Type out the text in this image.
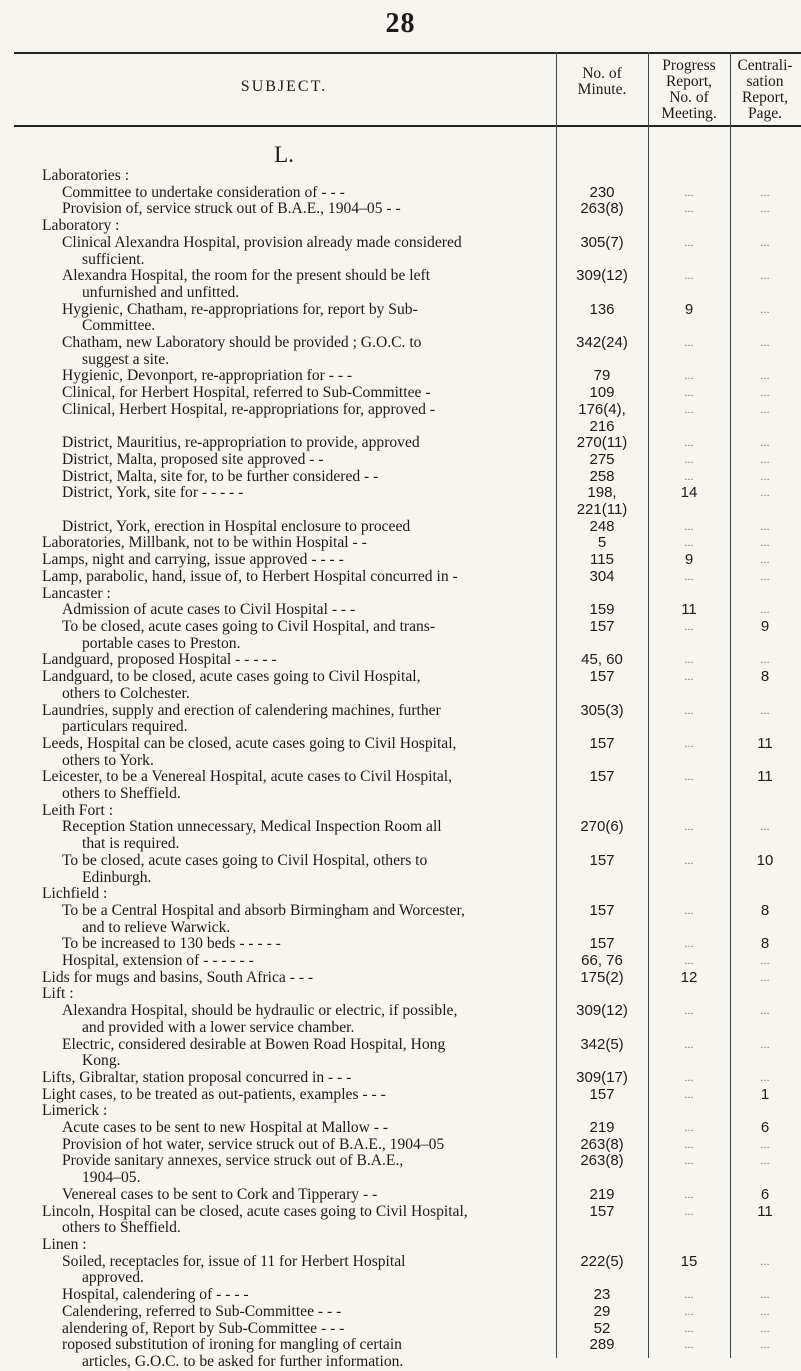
28
SUBJECT.
No. of
Minute.
Progress
Report,
No. of
Meeting.
Centrali-
sation
Report,
Page.
L.
Laboratories :
Committee to undertake consideration of - - -	230	...	...
Provision of, service struck out of B.A.E., 1904–05 - -	263(8)	...	...
Laboratory :
Clinical Alexandra Hospital, provision already made considered
sufficient.
305(7)	...	...
Alexandra Hospital, the room for the present should be left
unfurnished and unfitted.
309(12)	...	...
Hygienic, Chatham, re-appropriations for, report by Sub-
Committee.
136	9	...
Chatham, new Laboratory should be provided ; G.O.C. to
suggest a site.
342(24)	...	...
Hygienic, Devonport, re-appropriation for - - -	79	...	...
Clinical, for Herbert Hospital, referred to Sub-Committee -	109	...	...
Clinical, Herbert Hospital, re-appropriations for, approved -	176(4),	...	...

216
District, Mauritius, re-appropriation to provide, approved	270(11)	...	...
District, Malta, proposed site approved - -	275	...	...
District, Malta, site for, to be further considered - -	258	...	...
District, York, site for - - - - -	198,	14	...

221(11)
District, York, erection in Hospital enclosure to proceed	248	...	...
Laboratories, Millbank, not to be within Hospital - -	5	...	...
Lamps, night and carrying, issue approved - - - -	115	9	...
Lamp, parabolic, hand, issue of, to Herbert Hospital concurred in -	304	...	...
Lancaster :
Admission of acute cases to Civil Hospital - - -	159	11	...
To be closed, acute cases going to Civil Hospital, and trans-
portable cases to Preston.
157	...	9
Landguard, proposed Hospital - - - - -	45, 60	...	...
Landguard, to be closed, acute cases going to Civil Hospital,
others to Colchester.
157	...	8
Laundries, supply and erection of calendering machines, further
particulars required.
305(3)	...	...
Leeds, Hospital can be closed, acute cases going to Civil Hospital,
others to York.
157	...	11
Leicester, to be a Venereal Hospital, acute cases to Civil Hospital,
others to Sheffield.
157	...	11
Leith Fort :
Reception Station unnecessary, Medical Inspection Room all
that is required.
270(6)	...	...
To be closed, acute cases going to Civil Hospital, others to
Edinburgh.
157	...	10
Lichfield :
To be a Central Hospital and absorb Birmingham and Worcester,
and to relieve Warwick.
157	...	8
To be increased to 130 beds - - - - -	157	...	8
Hospital, extension of - - - - - -	66, 76	...	...
Lids for mugs and basins, South Africa - - -	175(2)	12	...
Lift :
Alexandra Hospital, should be hydraulic or electric, if possible,
and provided with a lower service chamber.
309(12)	...	...
Electric, considered desirable at Bowen Road Hospital, Hong
Kong.
342(5)	...	...
Lifts, Gibraltar, station proposal concurred in - - -	309(17)	...	...
Light cases, to be treated as out-patients, examples - - -	157	...	1
Limerick :
Acute cases to be sent to new Hospital at Mallow - -	219	...	6
Provision of hot water, service struck out of B.A.E., 1904–05	263(8)	...	...
Provide sanitary annexes, service struck out of B.A.E.,
1904–05.
263(8)	...	...
Venereal cases to be sent to Cork and Tipperary - -	219	...	6
Lincoln, Hospital can be closed, acute cases going to Civil Hospital,
others to Sheffield.
157	...	11
Linen :
Soiled, receptacles for, issue of 11 for Herbert Hospital
approved.
222(5)	15	...
Hospital, calendering of - - - -	23	...	...
Calendering, referred to Sub-Committee - - -	29	...	...
alendering of, Report by Sub-Committee - - -	52	...	...
roposed substitution of ironing for mangling of certain
articles, G.O.C. to be asked for further information.
289	...	...
